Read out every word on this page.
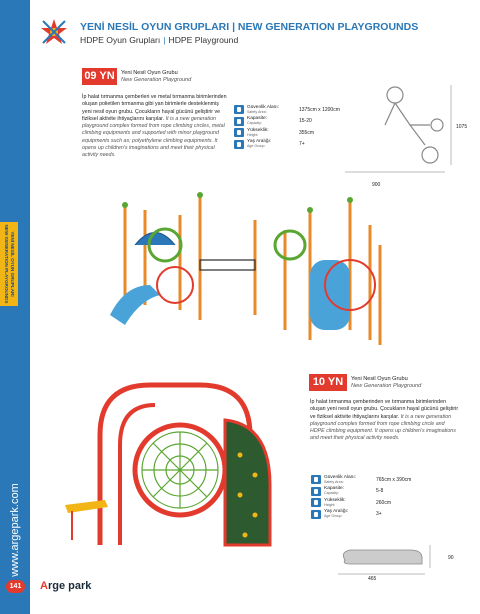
YENİ NESİL OYUN GRUPLARI
NEW GENERATION PLAYGROUNDS
www.argepark.com
141
YENİ NESİL OYUN GRUPLARI | NEW GENERATION PLAYGROUNDS
HDPE Oyun Grupları | HDPE Playground
09 YN	Yeni Nesil Oyun Grubu
New Generation Playground
İp halat tırmanma çemberleri ve metal tırmanma birimlerinden oluşan polietilen tırmanma gibi yan birimlerle desteklenmiş yeni nesil oyun grubu. Çocukların hayal gücünü geliştirir ve fiziksel aktivite ihtiyaçlarını karşılar. It is a new generation playground complex formed from rope climbing circles, metal climbing equipments and supported with minor playground equipments such as; polyethylene climbing equipments. It opens up children's imaginations and meet their physical activity needs.
Güvenlik Alanı:
Safety Area:	1375cm x 1200cm
Kapasite:
Capacity:	15-20
Yükseklik:
Height:	355cm
Yaş Aralığı:
Age Group:	7+
1075
900
10 YN	Yeni Nesil Oyun Grubu
New Generation Playground
İp halat tırmanma çemberinden ve tırmanma birimlerinden oluşan yeni nesil oyun grubu. Çocukların hayal gücünü geliştirir ve fiziksel aktivite ihtiyaçlarını karşılar. It is a new generation playground complex formed from rope climbing circle and HDPE climbing equipment. It opens up children's imaginations and meet their physical activity needs.
Güvenlik Alanı:
Safety Area:	765cm x 390cm
Kapasite:
Capacity:	5-8
Yükseklik:
Height:	260cm
Yaş Aralığı:
Age Group:	3+
90
465
Arge park
